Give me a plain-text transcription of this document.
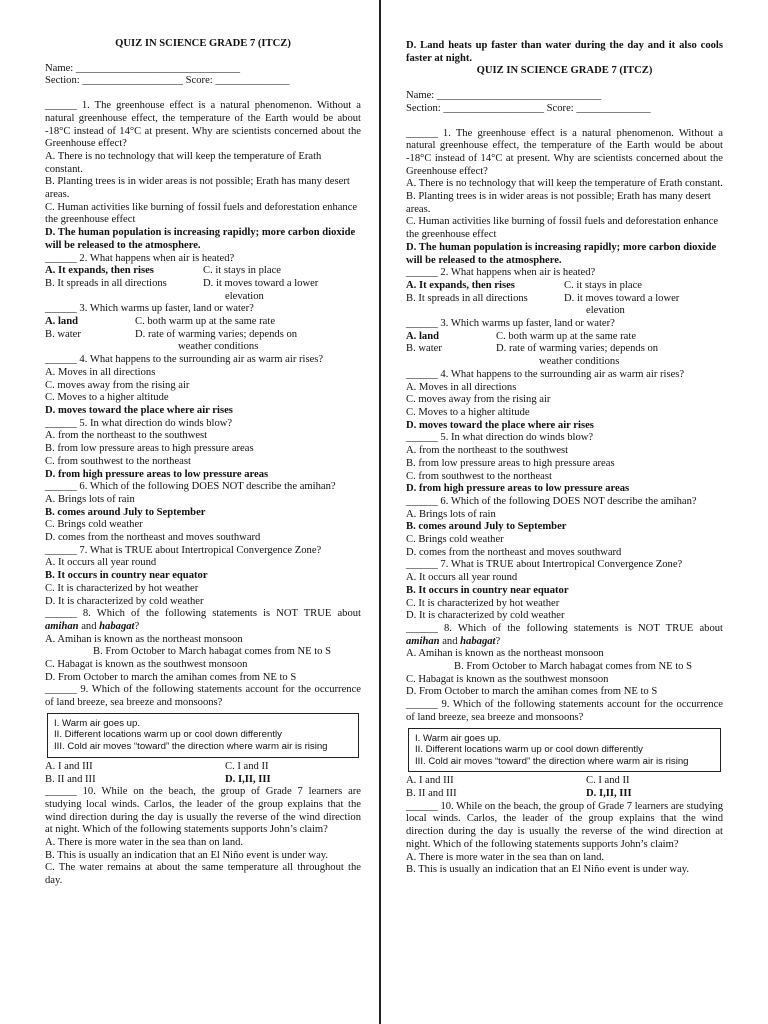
QUIZ IN SCIENCE GRADE 7 (ITCZ)

Name: _______________________________

Section: ___________________ Score: ______________

______ 1. The greenhouse effect is a natural phenomenon. Without a natural greenhouse effect, the temperature of the Earth would be about -18°C instead of 14°C at present. Why are scientists concerned about the Greenhouse effect?

A. There is no technology that will keep the temperature of Erath constant.

B. Planting trees is in wider areas is not possible; Erath has many desert areas.

C. Human activities like burning of fossil fuels and deforestation enhance the greenhouse effect

D. The human population is increasing rapidly; more carbon dioxide will be released to the atmosphere.

______ 2. What happens when air is heated?

A. It expands, then rises	C. it stays in place
B. It spreads in all directions	D. it moves toward a lower

elevation

______ 3. Which warms up faster, land or water?

A. land	C. both warm up at the same rate
B. water	D. rate of warming varies; depends on

weather conditions

______ 4. What happens to the surrounding air as warm air rises?

A. Moves in all directions

C. moves away from the rising air

C. Moves to a higher altitude

D. moves toward the place where air rises

______ 5. In what direction do winds blow?

A. from the northeast to the southwest

B. from low pressure areas to high pressure areas

C. from southwest to the northeast

D. from high pressure areas to low pressure areas

______ 6. Which of the following DOES NOT describe the amihan?

A. Brings lots of rain

B. comes around July to September

C. Brings cold weather

D. comes from the northeast and moves southward

______ 7. What is TRUE about Intertropical Convergence Zone?

A. It occurs all year round

B. It occurs in country near equator

C. It is characterized by hot weather

D. It is characterized by cold weather

______ 8. Which of the following statements is NOT TRUE about amihan and habagat?

A. Amihan is known as the northeast monsoon

B. From October to March habagat comes from NE to S

C. Habagat is known as the southwest monsoon

D. From October to march the amihan comes from NE to S

______ 9. Which of the following statements account for the occurrence of land breeze, sea breeze and monsoons?

I. Warm air goes up.

II. Different locations warm up or cool down differently

III. Cold air moves “toward” the direction where warm air is rising

A. I and III	C. I and II
B. II and III	D. I,II, III

______ 10. While on the beach, the group of Grade 7 learners are studying local winds. Carlos, the leader of the group explains that the wind direction during the day is usually the reverse of the wind direction at night. Which of the following statements supports John’s claim?

A. There is more water in the sea than on land.

B. This is usually an indication that an El Niño event is under way.

C. The water remains at about the same temperature all throughout the day.

D. Land heats up faster than water during the day and it also cools faster at night.

QUIZ IN SCIENCE GRADE 7 (ITCZ)

Name: _______________________________

Section: ___________________ Score: ______________

______ 1. The greenhouse effect is a natural phenomenon. Without a natural greenhouse effect, the temperature of the Earth would be about -18°C instead of 14°C at present. Why are scientists concerned about the Greenhouse effect?

A. There is no technology that will keep the temperature of Erath constant.

B. Planting trees is in wider areas is not possible; Erath has many desert areas.

C. Human activities like burning of fossil fuels and deforestation enhance the greenhouse effect

D. The human population is increasing rapidly; more carbon dioxide will be released to the atmosphere.

______ 2. What happens when air is heated?

A. It expands, then rises	C. it stays in place
B. It spreads in all directions	D. it moves toward a lower

elevation

______ 3. Which warms up faster, land or water?

A. land	C. both warm up at the same rate
B. water	D. rate of warming varies; depends on

weather conditions

______ 4. What happens to the surrounding air as warm air rises?

A. Moves in all directions

C. moves away from the rising air

C. Moves to a higher altitude

D. moves toward the place where air rises

______ 5. In what direction do winds blow?

A. from the northeast to the southwest

B. from low pressure areas to high pressure areas

C. from southwest to the northeast

D. from high pressure areas to low pressure areas

______ 6. Which of the following DOES NOT describe the amihan?

A. Brings lots of rain

B. comes around July to September

C. Brings cold weather

D. comes from the northeast and moves southward

______ 7. What is TRUE about Intertropical Convergence Zone?

A. It occurs all year round

B. It occurs in country near equator

C. It is characterized by hot weather

D. It is characterized by cold weather

______ 8. Which of the following statements is NOT TRUE about amihan and habagat?

A. Amihan is known as the northeast monsoon

B. From October to March habagat comes from NE to S

C. Habagat is known as the southwest monsoon

D. From October to march the amihan comes from NE to S

______ 9. Which of the following statements account for the occurrence of land breeze, sea breeze and monsoons?

I. Warm air goes up.

II. Different locations warm up or cool down differently

III. Cold air moves “toward” the direction where warm air is rising

A. I and III	C. I and II
B. II and III	D. I,II, III

______ 10. While on the beach, the group of Grade 7 learners are studying local winds. Carlos, the leader of the group explains that the wind direction during the day is usually the reverse of the wind direction at night. Which of the following statements supports John’s claim?

A. There is more water in the sea than on land.

B. This is usually an indication that an El Niño event is under way.
